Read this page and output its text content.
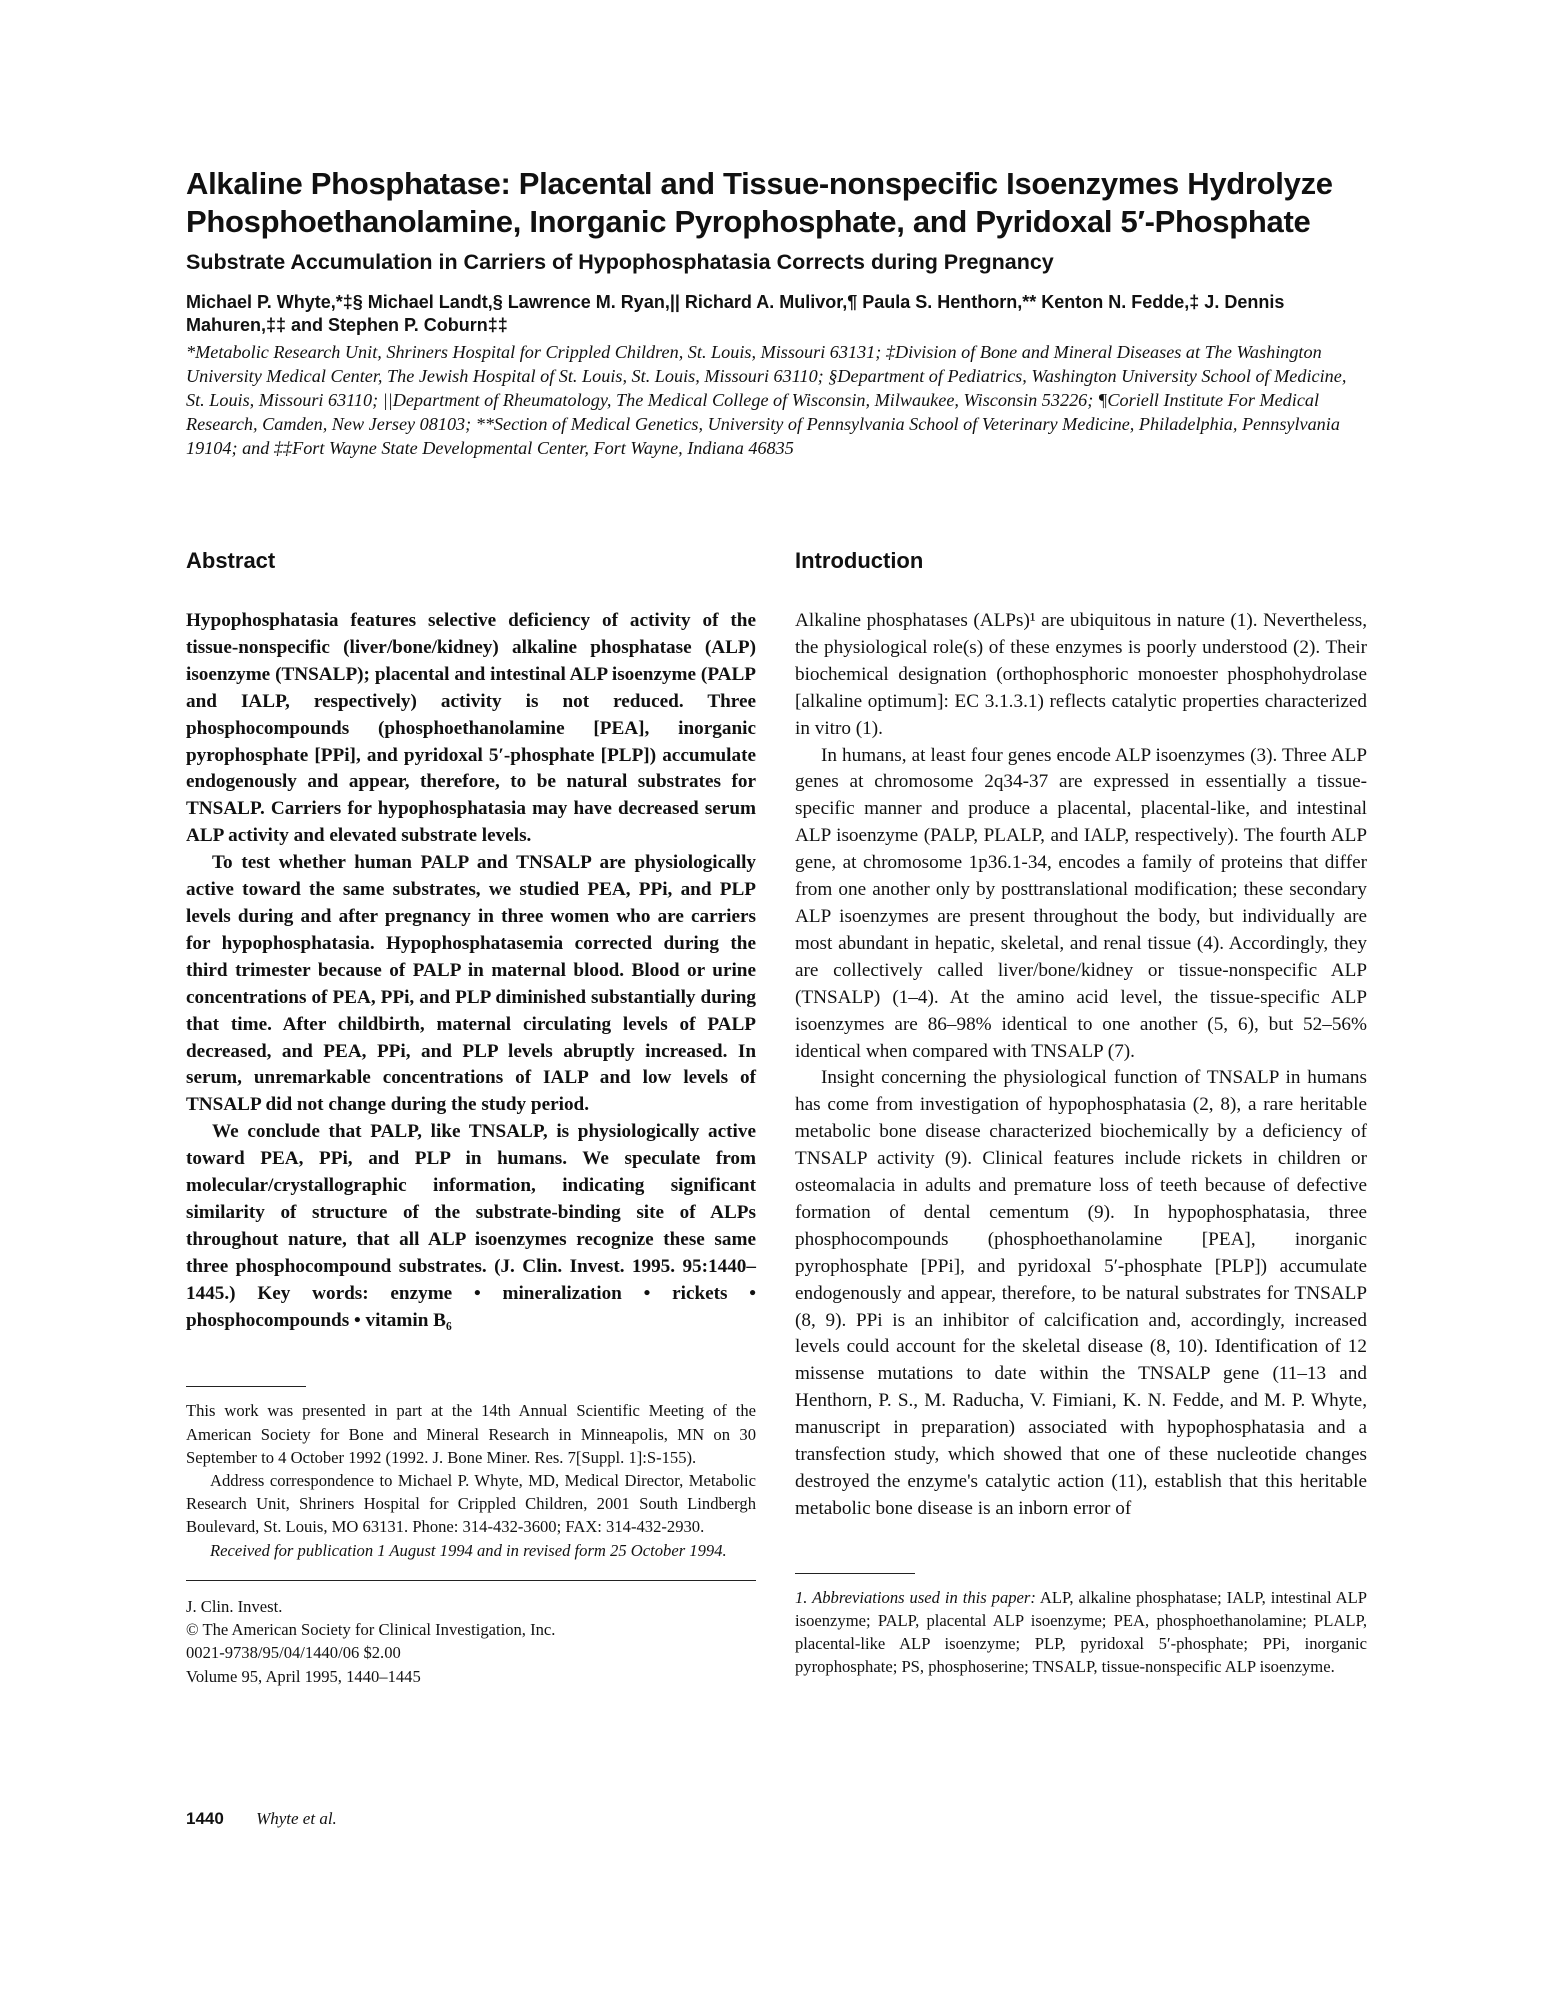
Alkaline Phosphatase: Placental and Tissue-nonspecific Isoenzymes Hydrolyze Phosphoethanolamine, Inorganic Pyrophosphate, and Pyridoxal 5′-Phosphate
Substrate Accumulation in Carriers of Hypophosphatasia Corrects during Pregnancy

Michael P. Whyte,*‡§ Michael Landt,§ Lawrence M. Ryan,|| Richard A. Mulivor,¶ Paula S. Henthorn,** Kenton N. Fedde,‡ J. Dennis Mahuren,‡‡ and Stephen P. Coburn‡‡

*Metabolic Research Unit, Shriners Hospital for Crippled Children, St. Louis, Missouri 63131; ‡Division of Bone and Mineral Diseases at The Washington University Medical Center, The Jewish Hospital of St. Louis, St. Louis, Missouri 63110; §Department of Pediatrics, Washington University School of Medicine, St. Louis, Missouri 63110; ||Department of Rheumatology, The Medical College of Wisconsin, Milwaukee, Wisconsin 53226; ¶Coriell Institute For Medical Research, Camden, New Jersey 08103; **Section of Medical Genetics, University of Pennsylvania School of Veterinary Medicine, Philadelphia, Pennsylvania 19104; and ‡‡Fort Wayne State Developmental Center, Fort Wayne, Indiana 46835

Abstract

Hypophosphatasia features selective deficiency of activity of the tissue-nonspecific (liver/bone/kidney) alkaline phosphatase (ALP) isoenzyme (TNSALP); placental and intestinal ALP isoenzyme (PALP and IALP, respectively) activity is not reduced. Three phosphocompounds (phosphoethanolamine [PEA], inorganic pyrophosphate [PPi], and pyridoxal 5′-phosphate [PLP]) accumulate endogenously and appear, therefore, to be natural substrates for TNSALP. Carriers for hypophosphatasia may have decreased serum ALP activity and elevated substrate levels.

To test whether human PALP and TNSALP are physiologically active toward the same substrates, we studied PEA, PPi, and PLP levels during and after pregnancy in three women who are carriers for hypophosphatasia. Hypophosphatasemia corrected during the third trimester because of PALP in maternal blood. Blood or urine concentrations of PEA, PPi, and PLP diminished substantially during that time. After childbirth, maternal circulating levels of PALP decreased, and PEA, PPi, and PLP levels abruptly increased. In serum, unremarkable concentrations of IALP and low levels of TNSALP did not change during the study period.

We conclude that PALP, like TNSALP, is physiologically active toward PEA, PPi, and PLP in humans. We speculate from molecular/crystallographic information, indicating significant similarity of structure of the substrate-binding site of ALPs throughout nature, that all ALP isoenzymes recognize these same three phosphocompound substrates. (J. Clin. Invest. 1995. 95:1440–1445.) Key words: enzyme • mineralization • rickets • phosphocompounds • vitamin B₆

This work was presented in part at the 14th Annual Scientific Meeting of the American Society for Bone and Mineral Research in Minneapolis, MN on 30 September to 4 October 1992 (1992. J. Bone Miner. Res. 7[Suppl. 1]:S-155).

Address correspondence to Michael P. Whyte, MD, Medical Director, Metabolic Research Unit, Shriners Hospital for Crippled Children, 2001 South Lindbergh Boulevard, St. Louis, MO 63131. Phone: 314-432-3600; FAX: 314-432-2930.

Received for publication 1 August 1994 and in revised form 25 October 1994.

J. Clin. Invest.
© The American Society for Clinical Investigation, Inc.
0021-9738/95/04/1440/06 $2.00
Volume 95, April 1995, 1440–1445
Introduction

Alkaline phosphatases (ALPs)¹ are ubiquitous in nature (1). Nevertheless, the physiological role(s) of these enzymes is poorly understood (2). Their biochemical designation (orthophosphoric monoester phosphohydrolase [alkaline optimum]: EC 3.1.3.1) reflects catalytic properties characterized in vitro (1).

In humans, at least four genes encode ALP isoenzymes (3). Three ALP genes at chromosome 2q34-37 are expressed in essentially a tissue-specific manner and produce a placental, placental-like, and intestinal ALP isoenzyme (PALP, PLALP, and IALP, respectively). The fourth ALP gene, at chromosome 1p36.1-34, encodes a family of proteins that differ from one another only by posttranslational modification; these secondary ALP isoenzymes are present throughout the body, but individually are most abundant in hepatic, skeletal, and renal tissue (4). Accordingly, they are collectively called liver/bone/kidney or tissue-nonspecific ALP (TNSALP) (1–4). At the amino acid level, the tissue-specific ALP isoenzymes are 86–98% identical to one another (5, 6), but 52–56% identical when compared with TNSALP (7).

Insight concerning the physiological function of TNSALP in humans has come from investigation of hypophosphatasia (2, 8), a rare heritable metabolic bone disease characterized biochemically by a deficiency of TNSALP activity (9). Clinical features include rickets in children or osteomalacia in adults and premature loss of teeth because of defective formation of dental cementum (9). In hypophosphatasia, three phosphocompounds (phosphoethanolamine [PEA], inorganic pyrophosphate [PPi], and pyridoxal 5′-phosphate [PLP]) accumulate endogenously and appear, therefore, to be natural substrates for TNSALP (8, 9). PPi is an inhibitor of calcification and, accordingly, increased levels could account for the skeletal disease (8, 10). Identification of 12 missense mutations to date within the TNSALP gene (11–13 and Henthorn, P. S., M. Raducha, V. Fimiani, K. N. Fedde, and M. P. Whyte, manuscript in preparation) associated with hypophosphatasia and a transfection study, which showed that one of these nucleotide changes destroyed the enzyme's catalytic action (11), establish that this heritable metabolic bone disease is an inborn error of

1. Abbreviations used in this paper: ALP, alkaline phosphatase; IALP, intestinal ALP isoenzyme; PALP, placental ALP isoenzyme; PEA, phosphoethanolamine; PLALP, placental-like ALP isoenzyme; PLP, pyridoxal 5′-phosphate; PPi, inorganic pyrophosphate; PS, phosphoserine; TNSALP, tissue-nonspecific ALP isoenzyme.

1440 Whyte et al.
